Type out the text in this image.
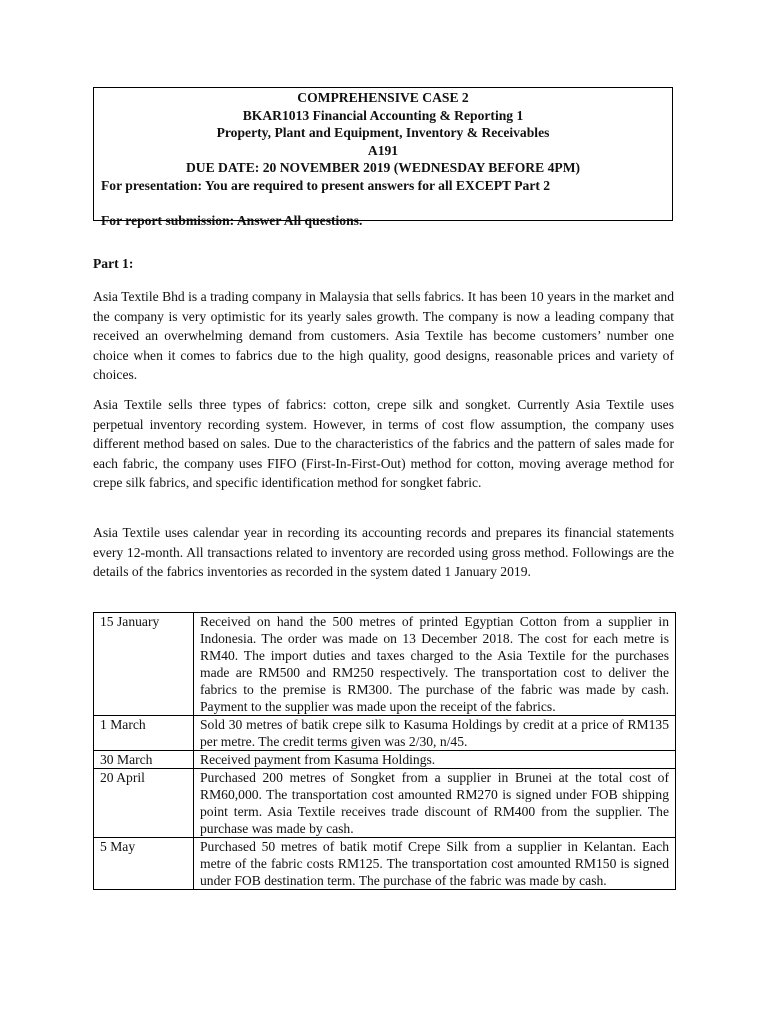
COMPREHENSIVE CASE 2
BKAR1013 Financial Accounting & Reporting 1
Property, Plant and Equipment, Inventory & Receivables
A191
DUE DATE: 20 NOVEMBER 2019 (WEDNESDAY BEFORE 4PM)
For presentation: You are required to present answers for all EXCEPT Part 2
For report submission: Answer All questions.
Part 1:
Asia Textile Bhd is a trading company in Malaysia that sells fabrics. It has been 10 years in the market and the company is very optimistic for its yearly sales growth. The company is now a leading company that received an overwhelming demand from customers. Asia Textile has become customers’ number one choice when it comes to fabrics due to the high quality, good designs, reasonable prices and variety of choices.
Asia Textile sells three types of fabrics: cotton, crepe silk and songket. Currently Asia Textile uses perpetual inventory recording system. However, in terms of cost flow assumption, the company uses different method based on sales. Due to the characteristics of the fabrics and the pattern of sales made for each fabric, the company uses FIFO (First-In-First-Out) method for cotton, moving average method for crepe silk fabrics, and specific identification method for songket fabric.
Asia Textile uses calendar year in recording its accounting records and prepares its financial statements every 12-month. All transactions related to inventory are recorded using gross method. Followings are the details of the fabrics inventories as recorded in the system dated 1 January 2019.
15 January	Received on hand the 500 metres of printed Egyptian Cotton from a supplier in Indonesia. The order was made on 13 December 2018. The cost for each metre is RM40. The import duties and taxes charged to the Asia Textile for the purchases made are RM500 and RM250 respectively. The transportation cost to deliver the fabrics to the premise is RM300. The purchase of the fabric was made by cash. Payment to the supplier was made upon the receipt of the fabrics.
1 March	Sold 30 metres of batik crepe silk to Kasuma Holdings by credit at a price of RM135 per metre. The credit terms given was 2/30, n/45.
30 March	Received payment from Kasuma Holdings.
20 April	Purchased 200 metres of Songket from a supplier in Brunei at the total cost of RM60,000. The transportation cost amounted RM270 is signed under FOB shipping point term. Asia Textile receives trade discount of RM400 from the supplier. The purchase was made by cash.
5 May	Purchased 50 metres of batik motif Crepe Silk from a supplier in Kelantan. Each metre of the fabric costs RM125. The transportation cost amounted RM150 is signed under FOB destination term. The purchase of the fabric was made by cash.
